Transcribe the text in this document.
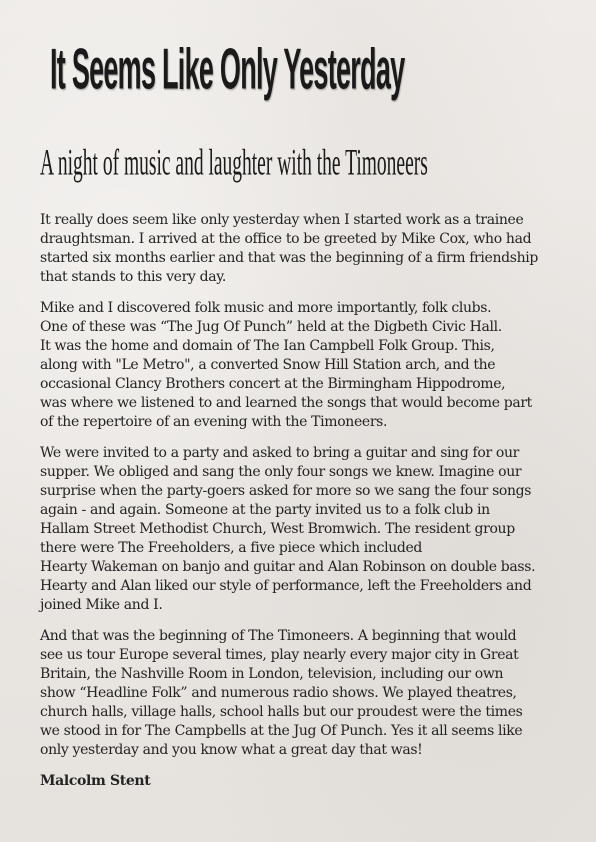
It Seems Like Only Yesterday
A night of music and laughter with the Timoneers
It really does seem like only yesterday when I started work as a trainee
draughtsman. I arrived at the office to be greeted by Mike Cox, who had
started six months earlier and that was the beginning of a firm friendship
that stands to this very day.
Mike and I discovered folk music and more importantly, folk clubs.
One of these was “The Jug Of Punch” held at the Digbeth Civic Hall.
It was the home and domain of The Ian Campbell Folk Group. This,
along with "Le Metro", a converted Snow Hill Station arch, and the
occasional Clancy Brothers concert at the Birmingham Hippodrome,
was where we listened to and learned the songs that would become part
of the repertoire of an evening with the Timoneers.
We were invited to a party and asked to bring a guitar and sing for our
supper. We obliged and sang the only four songs we knew. Imagine our
surprise when the party-goers asked for more so we sang the four songs
again - and again. Someone at the party invited us to a folk club in
Hallam Street Methodist Church, West Bromwich. The resident group
there were The Freeholders, a five piece which included
Hearty Wakeman on banjo and guitar and Alan Robinson on double bass.
Hearty and Alan liked our style of performance, left the Freeholders and
joined Mike and I.
And that was the beginning of The Timoneers. A beginning that would
see us tour Europe several times, play nearly every major city in Great
Britain, the Nashville Room in London, television, including our own
show “Headline Folk” and numerous radio shows. We played theatres,
church halls, village halls, school halls but our proudest were the times
we stood in for The Campbells at the Jug Of Punch. Yes it all seems like
only yesterday and you know what a great day that was!
Malcolm Stent
